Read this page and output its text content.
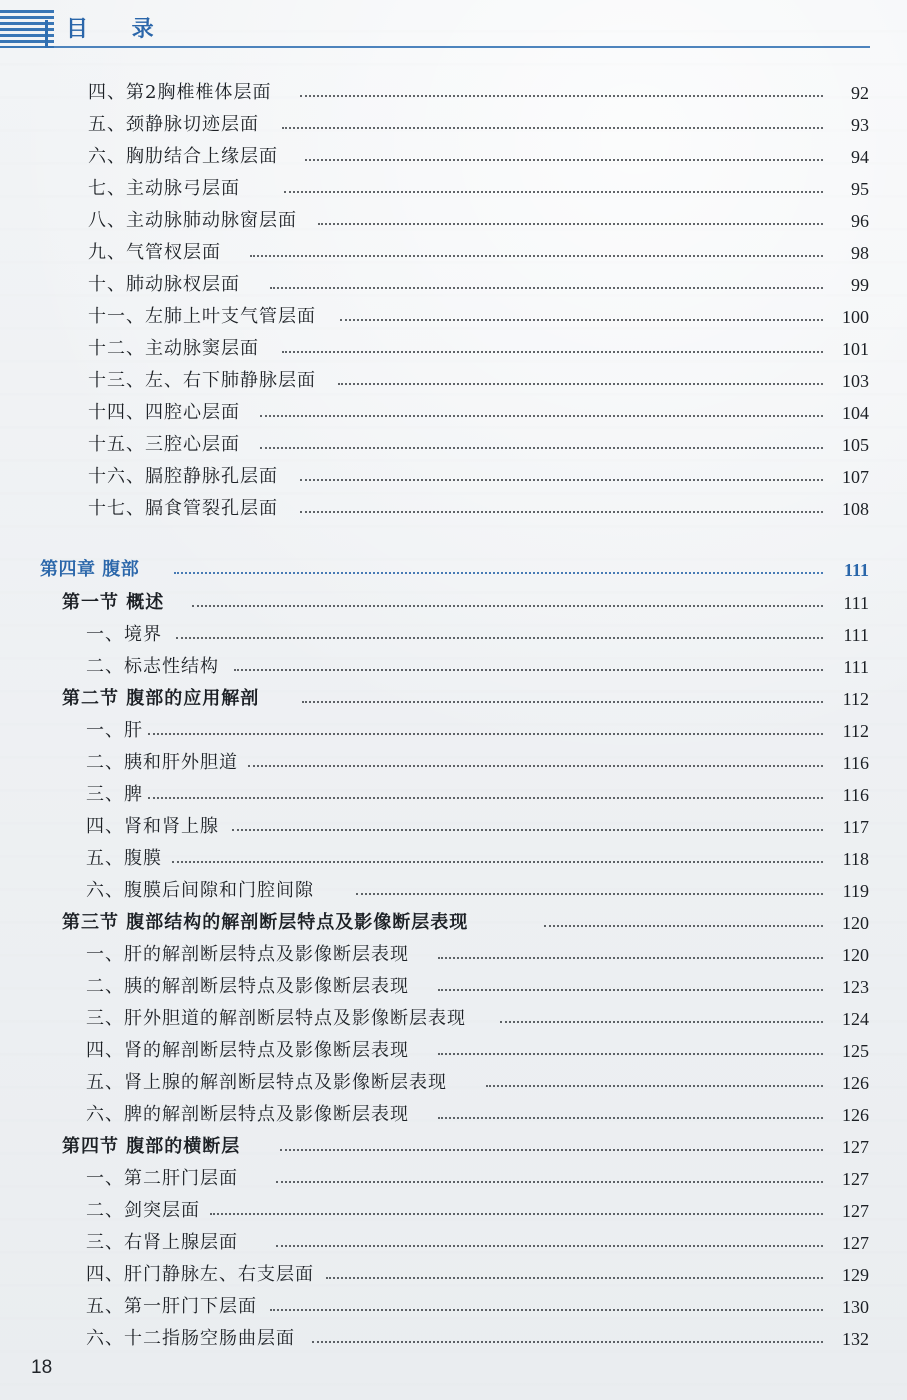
目 录
四、第2胸椎椎体层面	92
五、颈静脉切迹层面	93
六、胸肋结合上缘层面	94
七、主动脉弓层面	95
八、主动脉肺动脉窗层面	96
九、气管杈层面	98
十、肺动脉杈层面	99
十一、左肺上叶支气管层面	100
十二、主动脉窦层面	101
十三、左、右下肺静脉层面	103
十四、四腔心层面	104
十五、三腔心层面	105
十六、膈腔静脉孔层面	107
十七、膈食管裂孔层面	108
第四章 腹部	111
第一节 概述	111
一、境界	111
二、标志性结构	111
第二节 腹部的应用解剖	112
一、肝	112
二、胰和肝外胆道	116
三、脾	116
四、肾和肾上腺	117
五、腹膜	118
六、腹膜后间隙和门腔间隙	119
第三节 腹部结构的解剖断层特点及影像断层表现	120
一、肝的解剖断层特点及影像断层表现	120
二、胰的解剖断层特点及影像断层表现	123
三、肝外胆道的解剖断层特点及影像断层表现	124
四、肾的解剖断层特点及影像断层表现	125
五、肾上腺的解剖断层特点及影像断层表现	126
六、脾的解剖断层特点及影像断层表现	126
第四节 腹部的横断层	127
一、第二肝门层面	127
二、剑突层面	127
三、右肾上腺层面	127
四、肝门静脉左、右支层面	129
五、第一肝门下层面	130
六、十二指肠空肠曲层面	132
18
